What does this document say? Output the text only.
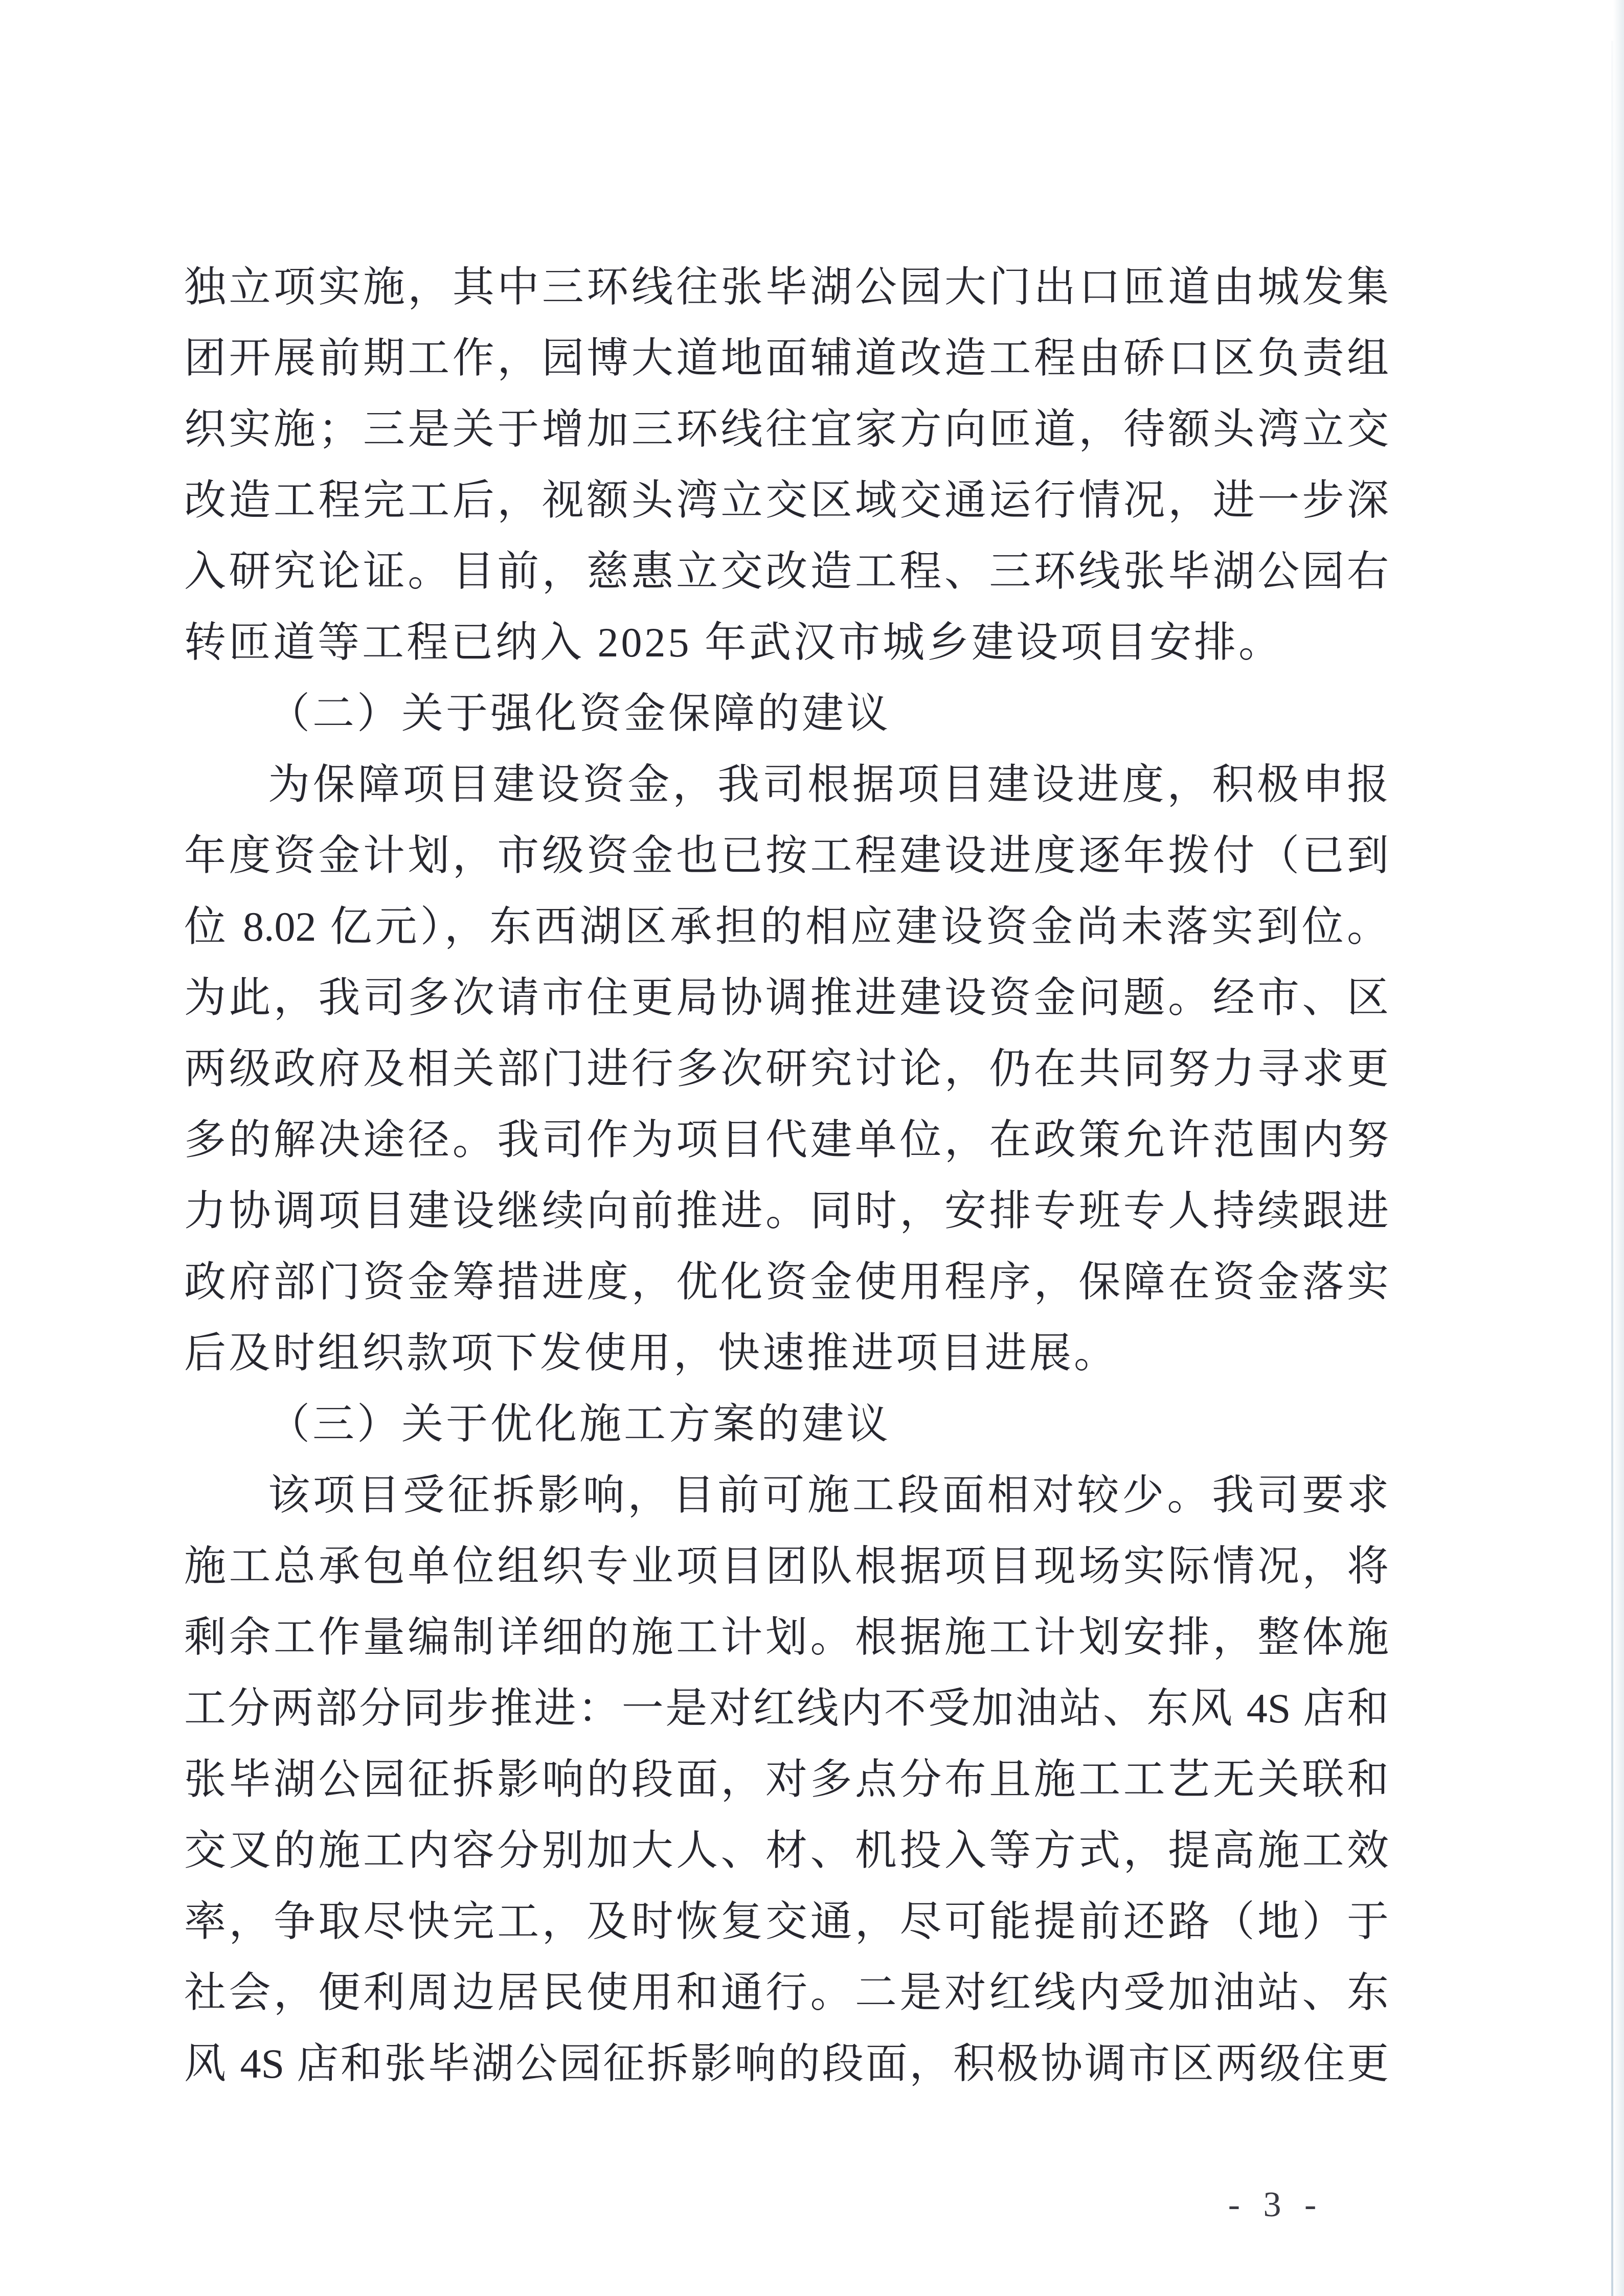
独立项实施，其中三环线往张毕湖公园大门出口匝道由城发集
团开展前期工作，园博大道地面辅道改造工程由硚口区负责组
织实施；三是关于增加三环线往宜家方向匝道，待额头湾立交
改造工程完工后，视额头湾立交区域交通运行情况，进一步深
入研究论证。目前，慈惠立交改造工程、三环线张毕湖公园右
转匝道等工程已纳入 2025 年武汉市城乡建设项目安排。
（二）关于强化资金保障的建议
为保障项目建设资金，我司根据项目建设进度，积极申报
年度资金计划，市级资金也已按工程建设进度逐年拨付（已到
位 8.02 亿元），东西湖区承担的相应建设资金尚未落实到位。
为此，我司多次请市住更局协调推进建设资金问题。经市、区
两级政府及相关部门进行多次研究讨论，仍在共同努力寻求更
多的解决途径。我司作为项目代建单位，在政策允许范围内努
力协调项目建设继续向前推进。同时，安排专班专人持续跟进
政府部门资金筹措进度，优化资金使用程序，保障在资金落实
后及时组织款项下发使用，快速推进项目进展。
（三）关于优化施工方案的建议
该项目受征拆影响，目前可施工段面相对较少。我司要求
施工总承包单位组织专业项目团队根据项目现场实际情况，将
剩余工作量编制详细的施工计划。根据施工计划安排，整体施
工分两部分同步推进：一是对红线内不受加油站、东风 4S 店和
张毕湖公园征拆影响的段面，对多点分布且施工工艺无关联和
交叉的施工内容分别加大人、材、机投入等方式，提高施工效
率，争取尽快完工，及时恢复交通，尽可能提前还路（地）于
社会，便利周边居民使用和通行。二是对红线内受加油站、东
风 4S 店和张毕湖公园征拆影响的段面，积极协调市区两级住更
- 3 -
